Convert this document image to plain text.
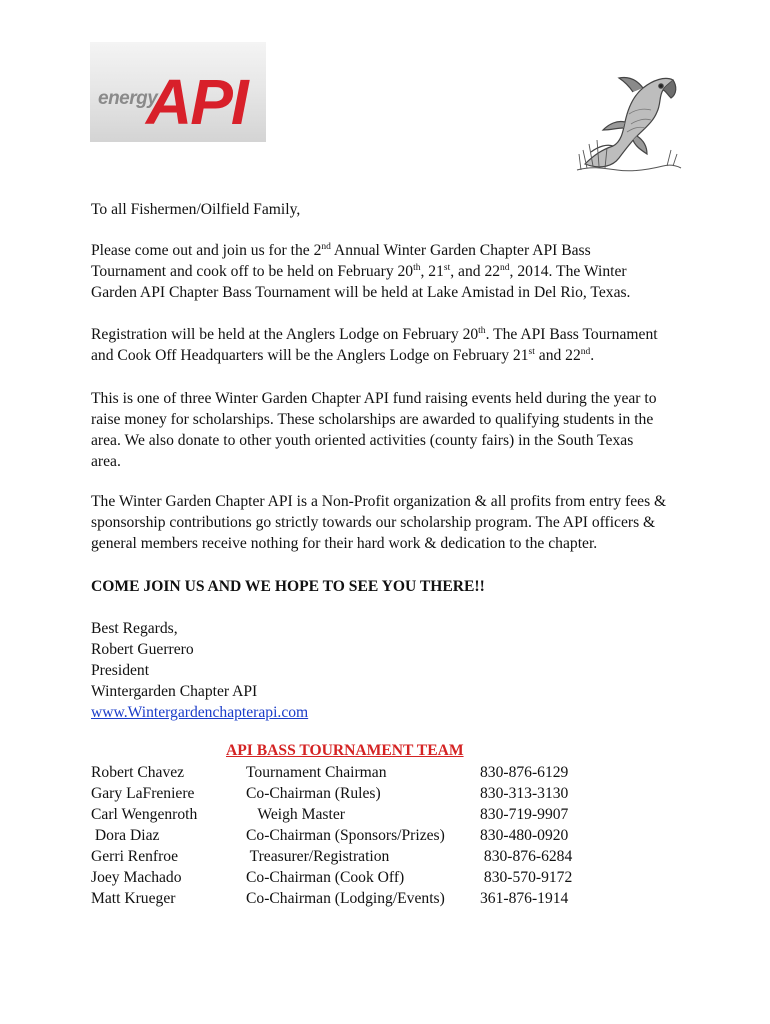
energy
API

To all Fishermen/Oilfield Family,

Please come out and join us for the 2nd Annual Winter Garden Chapter API Bass
Tournament and cook off to be held on February 20th, 21st, and 22nd, 2014. The Winter
Garden API Chapter Bass Tournament will be held at Lake Amistad in Del Rio, Texas.
Registration will be held at the Anglers Lodge on February 20th. The API Bass Tournament
and Cook Off Headquarters will be the Anglers Lodge on February 21st and 22nd.
This is one of three Winter Garden Chapter API fund raising events held during the year to
raise money for scholarships. These scholarships are awarded to qualifying students in the
area. We also donate to other youth oriented activities (county fairs) in the South Texas
area.
The Winter Garden Chapter API is a Non-Profit organization & all profits from entry fees &
sponsorship contributions go strictly towards our scholarship program. The API officers &
general members receive nothing for their hard work & dedication to the chapter.

COME JOIN US AND WE HOPE TO SEE YOU THERE!!

Best Regards,
Robert Guerrero
President
Wintergarden Chapter API
www.Wintergardenchapterapi.com
API BASS TOURNAMENT TEAM
Robert Chavez	Tournament Chairman	830-876-6129
Gary LaFreniere	Co-Chairman (Rules)	830-313-3130
Carl Wengenroth	Weigh Master	830-719-9907
Dora Diaz	Co-Chairman (Sponsors/Prizes) 830-480-0920
Gerri Renfroe	Treasurer/Registration	830-876-6284
Joey Machado	Co-Chairman (Cook Off)	830-570-9172
Matt Krueger	Co-Chairman (Lodging/Events) 361-876-1914
